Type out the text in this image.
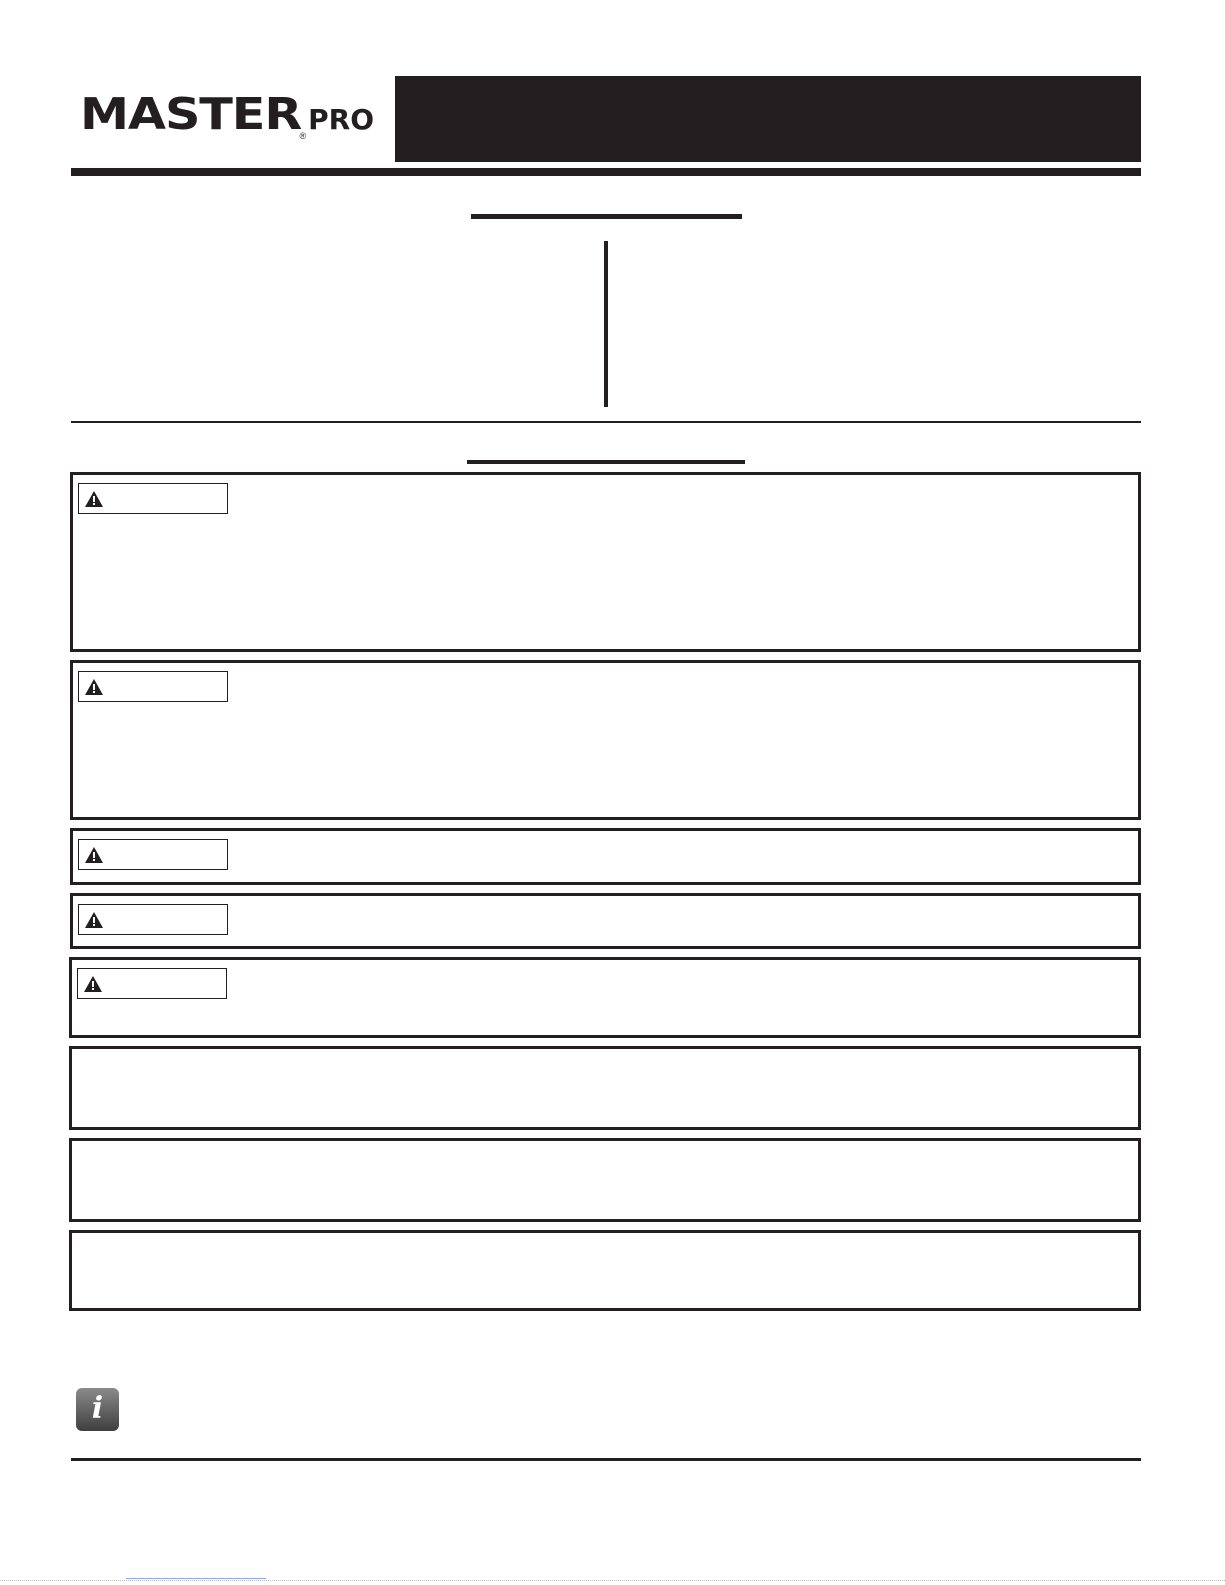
MASTER®PRO
i
